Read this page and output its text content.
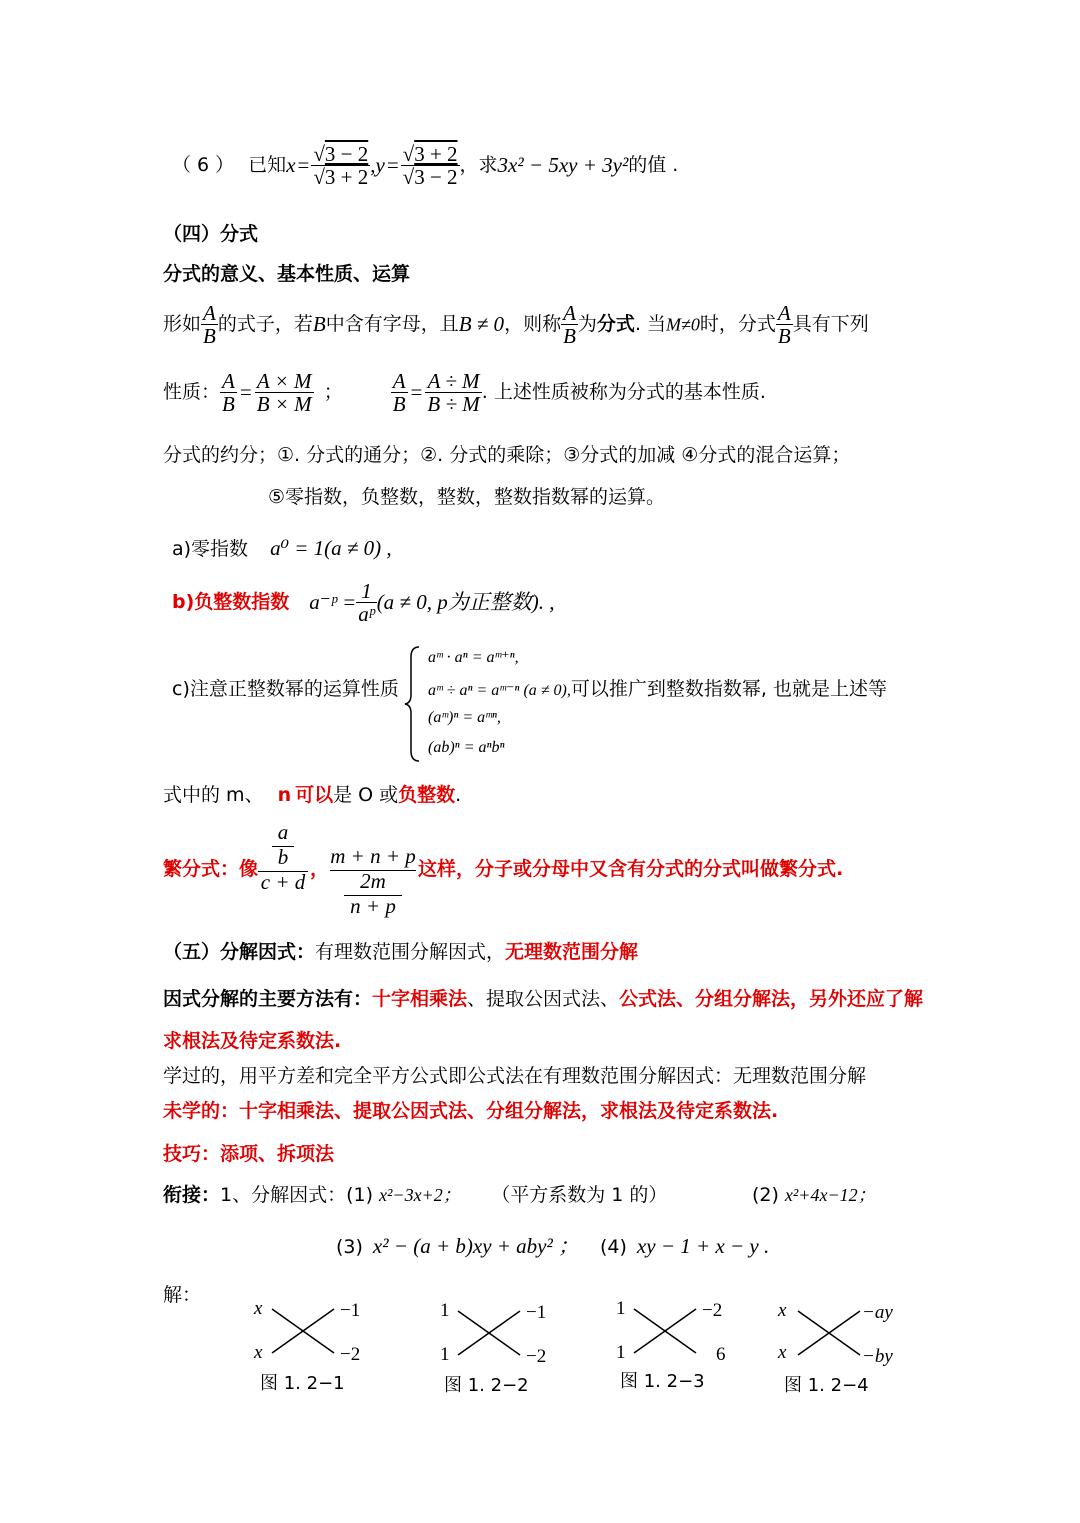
（ 6 ） 已知$x= \frac{√3 - 2}{√3 + 2} ,y= \frac{√3 + 2}{√3 - 2}$ ，求3x² − 5xy + 3y²的值 .
（四）分式
分式的意义、基本性质、运算
形如 $\frac{A}{B}$ 的式子，若B中含有字母，且B ≠ 0，则称 $\frac{A}{B}$ 为分式. 当M≠0时，分式 $\frac{A}{B}$ 具有下列
性质： $\frac{A}{B} = \frac{A \times M}{B \times M}$ ； $\frac{A}{B} = \frac{A \div M}{B \div M}$ . 上述性质被称为分式的基本性质.
分式的约分；①. 分式的通分；②. 分式的乘除；③分式的加减 ④分式的混合运算；
⑤零指数，负整数，整数，整数指数幂的运算。
a)零指数 a⁰ = 1(a ≠ 0) ,
b)负整数指数 a⁻ᵖ = $\frac{1}{\text{aᵖ}} (a \ne 0$, p为正整数). ,
c)注意正整数幂的运算性质
aᵐ · aⁿ = aᵐ⁺ⁿ,
aᵐ ÷ aⁿ = aᵐ⁻ⁿ (a ≠ 0),可以推广到整数指数幂, 也就是上述等
(aᵐ)ⁿ = aᵐⁿ,
(ab)ⁿ = aⁿbⁿ
式中的 m、 n 可以是 O 或负整数.
繁分式：像
a
b
c + d
，
m + n + p
2m
n + p
这样，分子或分母中又含有分式的分式叫做繁分式.
（五）分解因式：有理数范围分解因式，无理数范围分解
因式分解的主要方法有：十字相乘法、提取公因式法、公式法、分组分解法，另外还应了解
求根法及待定系数法.
学过的，用平方差和完全平方公式即公式法在有理数范围分解因式：无理数范围分解
未学的：十字相乘法、提取公因式法、分组分解法，求根法及待定系数法.
技巧：添项、拆项法
衔接：1、分解因式：(1) x²−3x+2； （平方系数为 1 的）	(2) x²+4x−12；
(3) x² − (a + b)xy + aby² ； (4) xy − 1 + x − y .
解：
x	−1
x	−2
图 1. 2−1
1	−1
1	−2
图 1. 2−2
1	−2
1	6
图 1. 2−3
x	−ay
x	−by
图 1. 2−4
